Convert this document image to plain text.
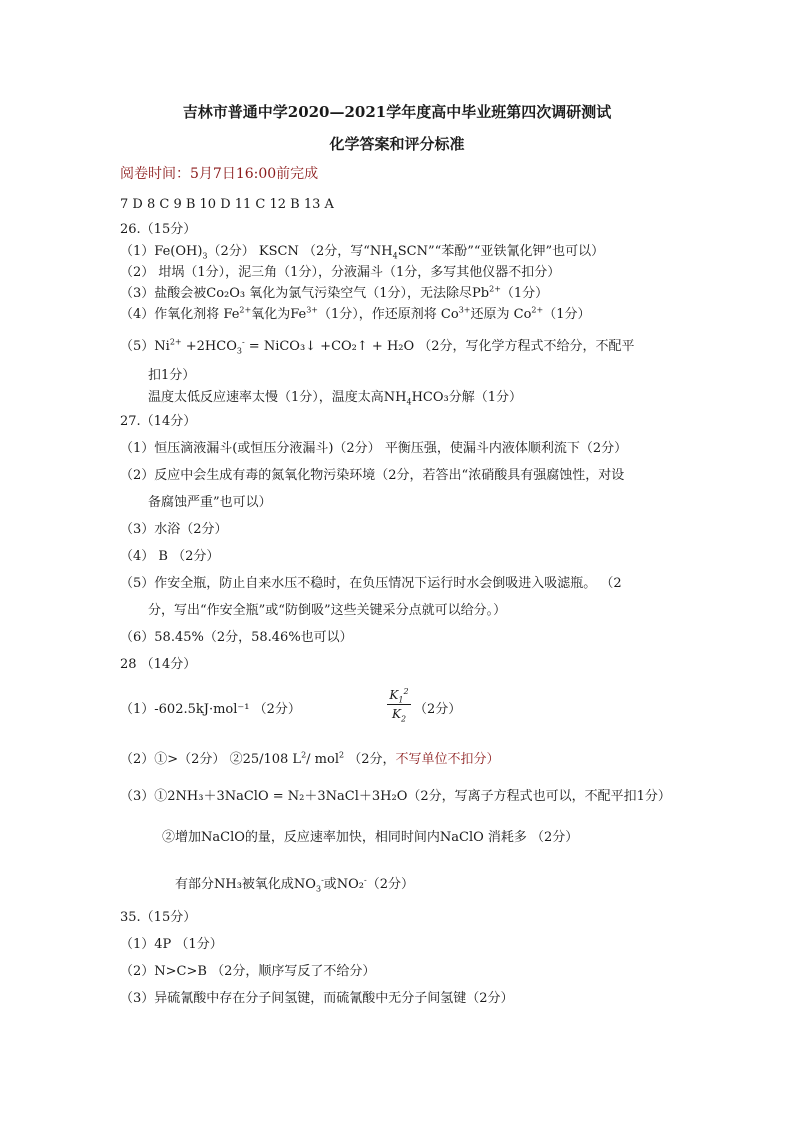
吉林市普通中学2020—2021学年度高中毕业班第四次调研测试
化学答案和评分标准
阅卷时间：5月7日16:00前完成
7 D 8 C 9 B 10 D 11 C 12 B 13 A
26.（15分）
$(1)Fe(OH)_3(2$分） KSCN （2分，写“$NH_4SCN”“$苯酚”“亚铁氰化钾”也可以）
（2） 坩埚（1分），泥三角（1分），分液漏斗（1分，多写其他仪器不扣分）
（3）盐酸会被Co₂O₃ 氧化为氯气污染空气（1分），无法除尽$Pb^{2+}(1$分）
（4）作氧化剂将 $Fe^{2+}$氧化为$Fe^{3+}(1$分），作还原剂将 $Co^{3+}$还原为 $Co^{2+}(1$分）
$(5)Ni^{2+} +2HCO_3^-$ = NiCO₃↓ +CO₂↑ + H₂O （2分，写化学方程式不给分，不配平
扣1分）
温度太低反应速率太慢（1分），温度太高$NH_4HCO_3$分解（1分）
27.（14分）
（1）恒压滴液漏斗(或恒压分液漏斗)（2分） 平衡压强，使漏斗内液体顺利流下（2分）
（2）反应中会生成有毒的氮氧化物污染环境（2分，若答出“浓硝酸具有强腐蚀性，对设
备腐蚀严重”也可以）
（3）水浴（2分）
（4） B （2分）
（5）作安全瓶，防止自来水压不稳时，在负压情况下运行时水会倒吸进入吸滤瓶。 （2
分，写出“作安全瓶”或“防倒吸”这些关键采分点就可以给分。）
（6）58.45%（2分，58.46%也可以）
28 （14分）
（1）-602.5kJ·mol⁻¹ （2分）
$K_1^2$
$K_2$
（2分）
（2）①>（2分） ②25/108 $L^2/$ mol$^2$ （2分，不写单位不扣分）
（3）①2NH₃＋3NaClO = N₂＋3NaCl＋3H₂O（2分，写离子方程式也可以，不配平扣1分）
②增加NaClO的量，反应速率加快，相同时间内NaClO 消耗多 （2分）
有部分NH₃被氧化成$NO_3^-$或NO₂-（2分）
35.（15分）
（1）4P （1分）
（2）N>C>B （2分，顺序写反了不给分）
（3）异硫氰酸中存在分子间氢键，而硫氰酸中无分子间氢键（2分）
